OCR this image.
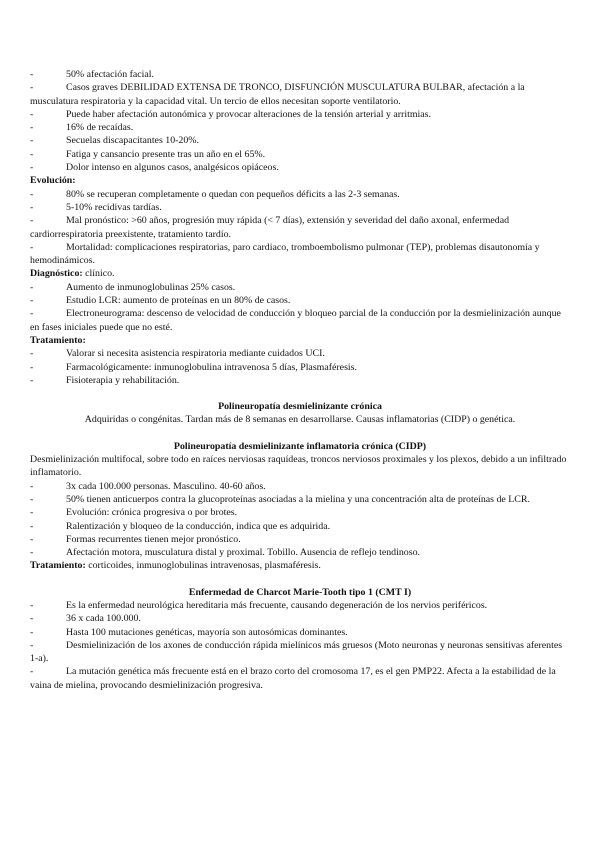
-	50% afectación facial.
-	Casos graves DEBILIDAD EXTENSA DE TRONCO, DISFUNCIÓN MUSCULATURA BULBAR, afectación a la musculatura respiratoria y la capacidad vital. Un tercio de ellos necesitan soporte ventilatorio.
-	Puede haber afectación autonómica y provocar alteraciones de la tensión arterial y arritmias.
-	16% de recaídas.
-	Secuelas discapacitantes 10-20%.
-	Fatiga y cansancio presente tras un año en el 65%.
-	Dolor intenso en algunos casos, analgésicos opiáceos.
Evolución:
-	80% se recuperan completamente o quedan con pequeños déficits a las 2-3 semanas.
-	5-10% recidivas tardías.
-	Mal pronóstico: >60 años, progresión muy rápida (< 7 días), extensión y severidad del daño axonal, enfermedad cardiorrespiratoria preexistente, tratamiento tardío.
-	Mortalidad: complicaciones respiratorias, paro cardiaco, tromboembolismo pulmonar (TEP), problemas disautonomía y hemodinámicos.
Diagnóstico: clínico.
-	Aumento de inmunoglobulinas 25% casos.
-	Estudio LCR: aumento de proteínas en un 80% de casos.
-	Electroneurograma: descenso de velocidad de conducción y bloqueo parcial de la conducción por la desmielinización aunque en fases iniciales puede que no esté.
Tratamiento:
-	Valorar si necesita asistencia respiratoria mediante cuidados UCI.
-	Farmacológicamente: inmunoglobulina intravenosa 5 días, Plasmaféresis.
-	Fisioterapia y rehabilitación.
Polineuropatía desmielinizante crónica
Adquiridas o congénitas. Tardan más de 8 semanas en desarrollarse. Causas inflamatorias (CIDP) o genética.
Polineuropatía desmielinizante inflamatoria crónica (CIDP)
Desmielinización multifocal, sobre todo en raíces nerviosas raquídeas, troncos nerviosos proximales y los plexos, debido a un infiltrado inflamatorio.
-	3x cada 100.000 personas. Masculino. 40-60 años.
-	50% tienen anticuerpos contra la glucoproteínas asociadas a la mielina y una concentración alta de proteínas de LCR.
-	Evolución: crónica progresiva o por brotes.
-	Ralentización y bloqueo de la conducción, indica que es adquirida.
-	Formas recurrentes tienen mejor pronóstico.
-	Afectación motora, musculatura distal y proximal. Tobillo. Ausencia de reflejo tendinoso.
Tratamiento: corticoides, inmunoglobulinas intravenosas, plasmaféresis.
Enfermedad de Charcot Marie-Tooth tipo 1 (CMT I)
-	Es la enfermedad neurológica hereditaria más frecuente, causando degeneración de los nervios periféricos.
-	36 x cada 100.000.
-	Hasta 100 mutaciones genéticas, mayoría son autosómicas dominantes.
-	Desmielinización de los axones de conducción rápida mielínicos más gruesos (Moto neuronas y neuronas sensitivas aferentes 1-a).
-	La mutación genética más frecuente está en el brazo corto del cromosoma 17, es el gen PMP22. Afecta a la estabilidad de la vaina de mielina, provocando desmielinización progresiva.
